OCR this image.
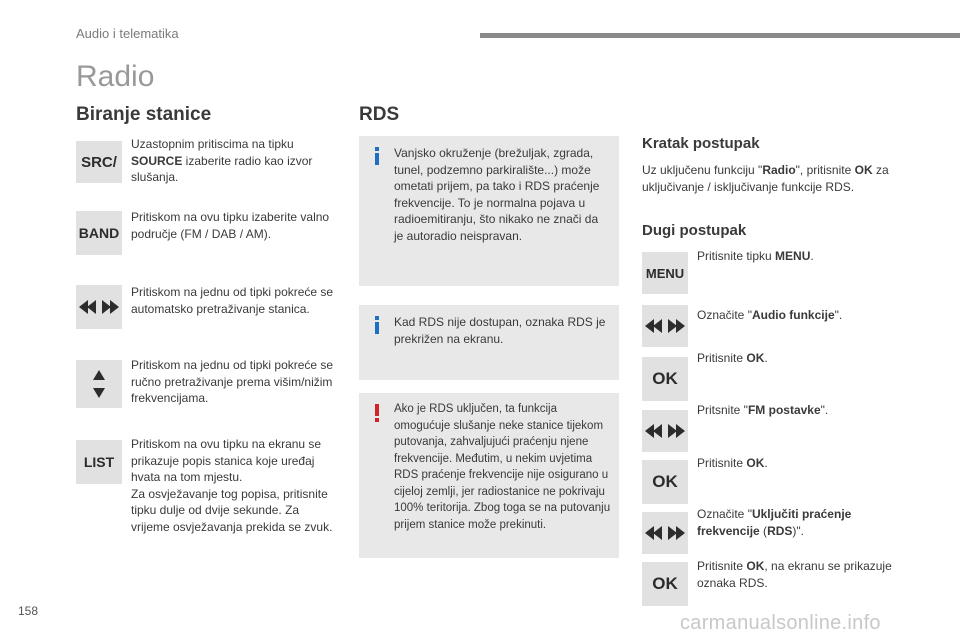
Audio i telematika
Radio
Biranje stanice
SRC/
Uzastopnim pritiscima na tipku SOURCE izaberite radio kao izvor slušanja.
BAND
Pritiskom na ovu tipku izaberite valno područje (FM / DAB / AM).
Pritiskom na jednu od tipki pokreće se automatsko pretraživanje stanica.
Pritiskom na jednu od tipki pokreće se ručno pretraživanje prema višim/nižim frekvencijama.
LIST
Pritiskom na ovu tipku na ekranu se prikazuje popis stanica koje uređaj hvata na tom mjestu.
Za osvježavanje tog popisa, pritisnite tipku dulje od dvije sekunde. Za vrijeme osvježavanja prekida se zvuk.
RDS
Vanjsko okruženje (brežuljak, zgrada, tunel, podzemno parkiralište...) može ometati prijem, pa tako i RDS praćenje frekvencije. To je normalna pojava u radioemitiranju, što nikako ne znači da je autoradio neispravan.
Kad RDS nije dostupan, oznaka RDS je prekrižen na ekranu.
Ako je RDS uključen, ta funkcija omogućuje slušanje neke stanice tijekom putovanja, zahvaljujući praćenju njene frekvencije. Međutim, u nekim uvjetima RDS praćenje frekvencije nije osigurano u cijeloj zemlji, jer radiostanice ne pokrivaju 100% teritorija. Zbog toga se na putovanju prijem stanice može prekinuti.
Kratak postupak
Uz uključenu funkciju "Radio", pritisnite OK za uključivanje / isključivanje funkcije RDS.
Dugi postupak
MENU
Pritisnite tipku MENU.
Označite "Audio funkcije".
OK
Pritisnite OK.
Pritsnite "FM postavke".
OK
Pritisnite OK.
Označite "Uključiti praćenje frekvencije (RDS)".
OK
Pritisnite OK, na ekranu se prikazuje oznaka RDS.
158
carmanualsonline.info
